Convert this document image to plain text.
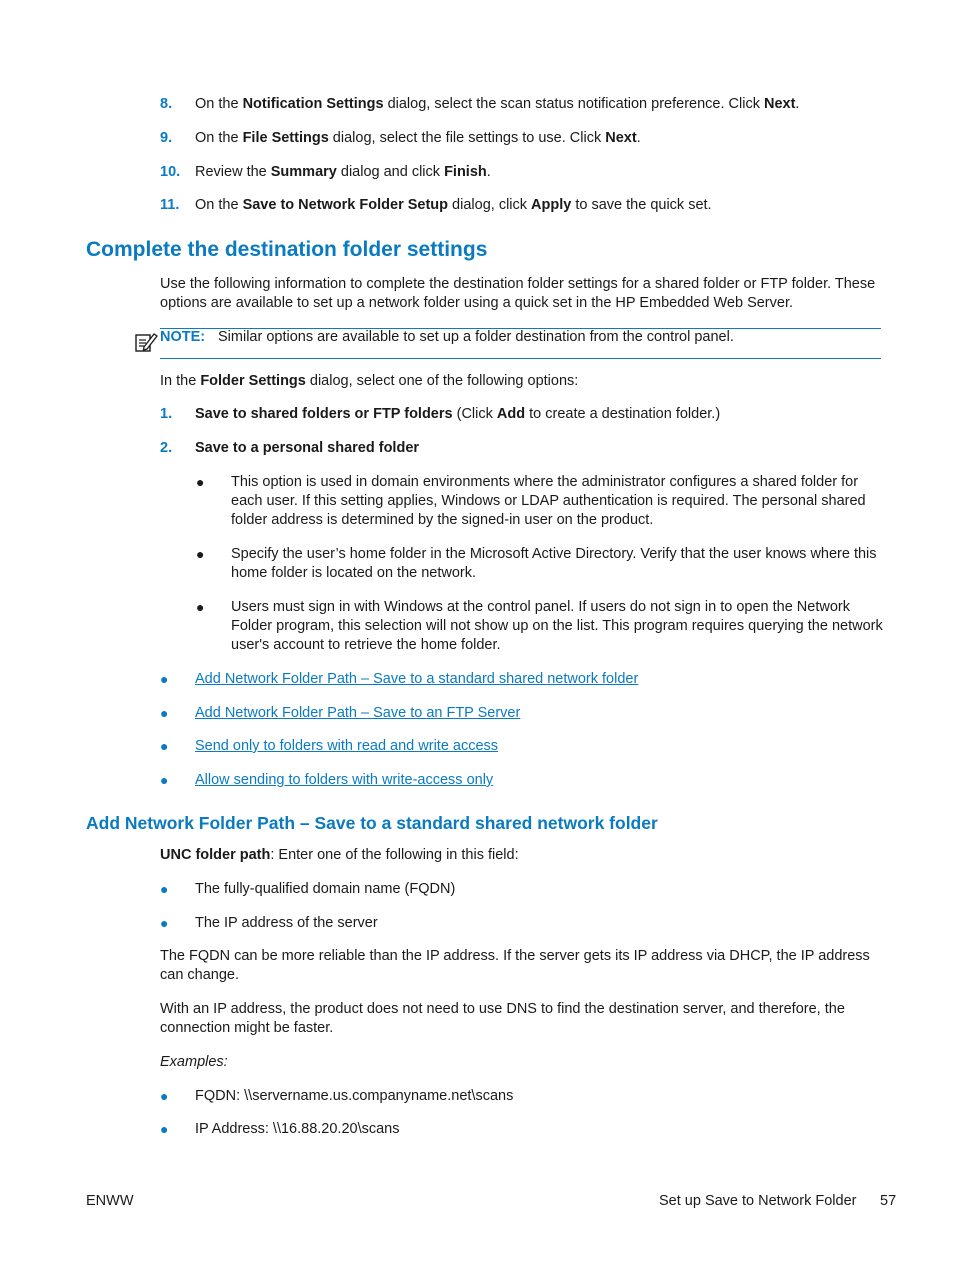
8. On the Notification Settings dialog, select the scan status notification preference. Click Next.
9. On the File Settings dialog, select the file settings to use. Click Next.
10. Review the Summary dialog and click Finish.
11. On the Save to Network Folder Setup dialog, click Apply to save the quick set.
Complete the destination folder settings
Use the following information to complete the destination folder settings for a shared folder or FTP folder. These options are available to set up a network folder using a quick set in the HP Embedded Web Server.
NOTE: Similar options are available to set up a folder destination from the control panel.
In the Folder Settings dialog, select one of the following options:
1. Save to shared folders or FTP folders (Click Add to create a destination folder.)
2. Save to a personal shared folder
● This option is used in domain environments where the administrator configures a shared folder for each user. If this setting applies, Windows or LDAP authentication is required. The personal shared folder address is determined by the signed-in user on the product.
● Specify the user’s home folder in the Microsoft Active Directory. Verify that the user knows where this home folder is located on the network.
● Users must sign in with Windows at the control panel. If users do not sign in to open the Network Folder program, this selection will not show up on the list. This program requires querying the network user's account to retrieve the home folder.
● Add Network Folder Path – Save to a standard shared network folder
● Add Network Folder Path – Save to an FTP Server
● Send only to folders with read and write access
● Allow sending to folders with write-access only
Add Network Folder Path – Save to a standard shared network folder
UNC folder path: Enter one of the following in this field:
● The fully-qualified domain name (FQDN)
● The IP address of the server
The FQDN can be more reliable than the IP address. If the server gets its IP address via DHCP, the IP address can change.
With an IP address, the product does not need to use DNS to find the destination server, and therefore, the connection might be faster.
Examples:
● FQDN: \\servername.us.companyname.net\scans
● IP Address: \\16.88.20.20\scans
ENWW	Set up Save to Network Folder 57
